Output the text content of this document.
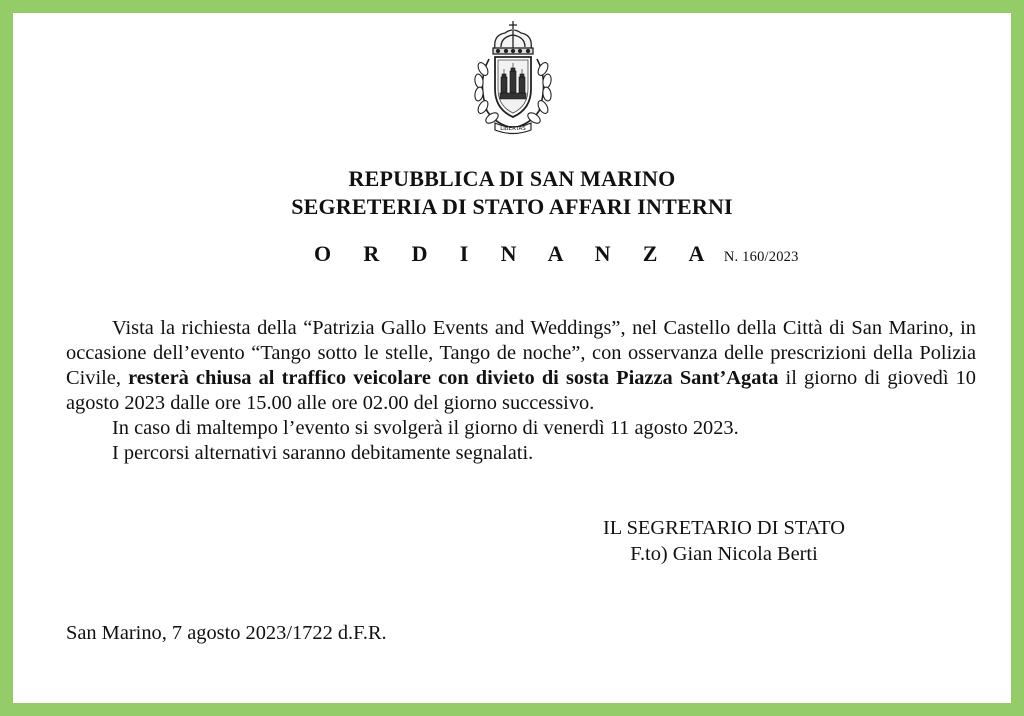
LIBERTAS
REPUBBLICA DI SAN MARINO
SEGRETERIA DI STATO AFFARI INTERNI
O R D I N A N Z A N. 160/2023

Vista la richiesta della “Patrizia Gallo Events and Weddings”, nel Castello della Città di San Marino, in occasione dell’evento “Tango sotto le stelle, Tango de noche”, con osservanza delle prescrizioni della Polizia Civile, resterà chiusa al traffico veicolare con divieto di sosta Piazza Sant’Agata il giorno di giovedì 10 agosto 2023 dalle ore 15.00 alle ore 02.00 del giorno successivo.

In caso di maltempo l’evento si svolgerà il giorno di venerdì 11 agosto 2023.

I percorsi alternativi saranno debitamente segnalati.

IL SEGRETARIO DI STATO
F.to) Gian Nicola Berti
San Marino, 7 agosto 2023/1722 d.F.R.
